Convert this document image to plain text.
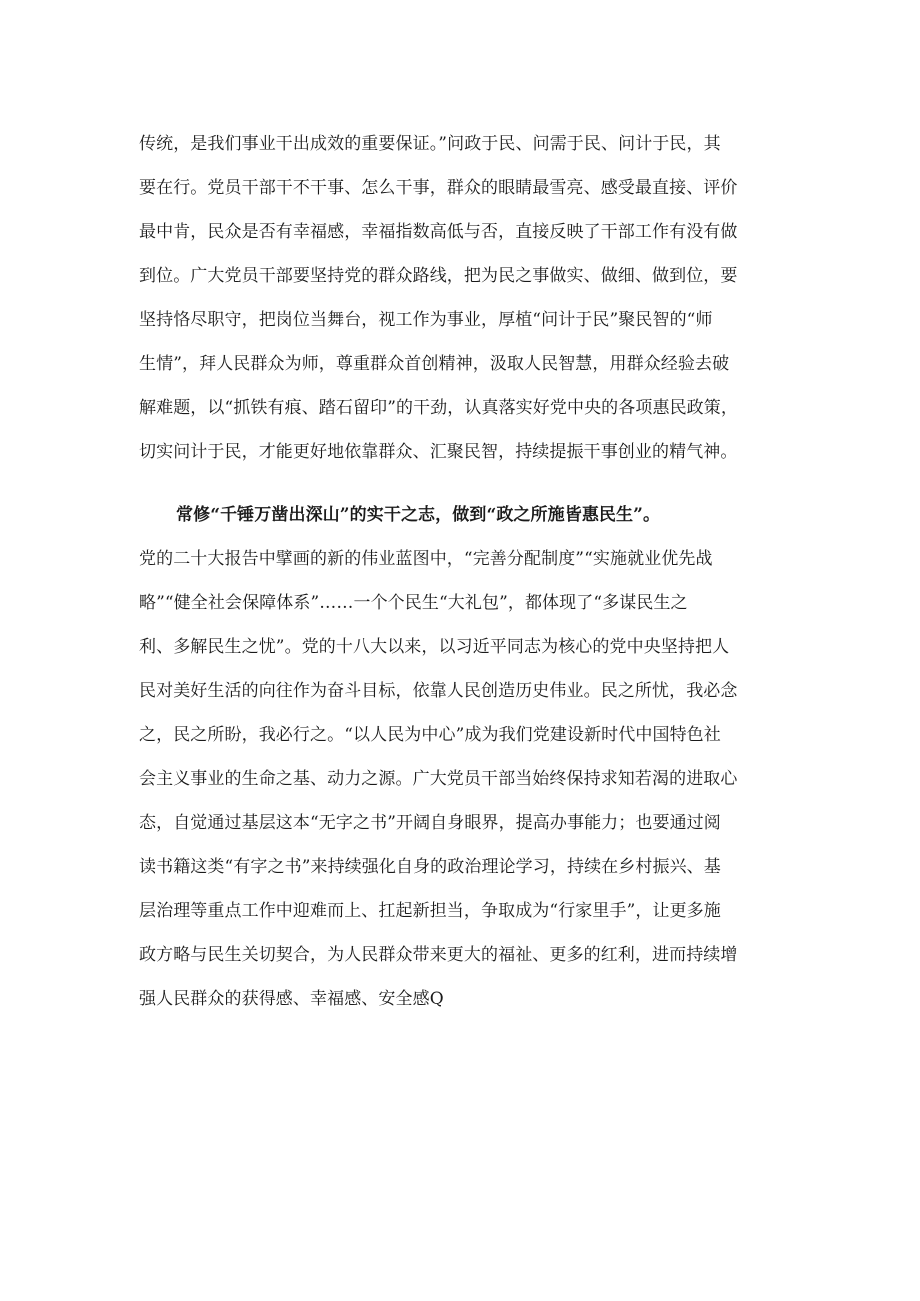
传统，是我们事业干出成效的重要保证。”问政于民、问需于民、问计于民，其
要在行。党员干部干不干事、怎么干事，群众的眼睛最雪亮、感受最直接、评价
最中肯，民众是否有幸福感，幸福指数高低与否，直接反映了干部工作有没有做
到位。广大党员干部要坚持党的群众路线，把为民之事做实、做细、做到位，要
坚持恪尽职守，把岗位当舞台，视工作为事业，厚植“问计于民”聚民智的“师
生情”，拜人民群众为师，尊重群众首创精神，汲取人民智慧，用群众经验去破
解难题，以“抓铁有痕、踏石留印”的干劲，认真落实好党中央的各项惠民政策，
切实问计于民，才能更好地依靠群众、汇聚民智，持续提振干事创业的精气神。
常修“千锤万凿出深山”的实干之志，做到“政之所施皆惠民生”。
党的二十大报告中擘画的新的伟业蓝图中，“完善分配制度”“实施就业优先战
略”“健全社会保障体系”……一个个民生“大礼包”，都体现了“多谋民生之
利、多解民生之忧”。党的十八大以来，以习近平同志为核心的党中央坚持把人
民对美好生活的向往作为奋斗目标，依靠人民创造历史伟业。民之所忧，我必念
之，民之所盼，我必行之。“以人民为中心”成为我们党建设新时代中国特色社
会主义事业的生命之基、动力之源。广大党员干部当始终保持求知若渴的进取心
态，自觉通过基层这本“无字之书”开阔自身眼界，提高办事能力；也要通过阅
读书籍这类“有字之书”来持续强化自身的政治理论学习，持续在乡村振兴、基
层治理等重点工作中迎难而上、扛起新担当，争取成为“行家里手”，让更多施
政方略与民生关切契合，为人民群众带来更大的福祉、更多的红利，进而持续增
强人民群众的获得感、幸福感、安全感Q
